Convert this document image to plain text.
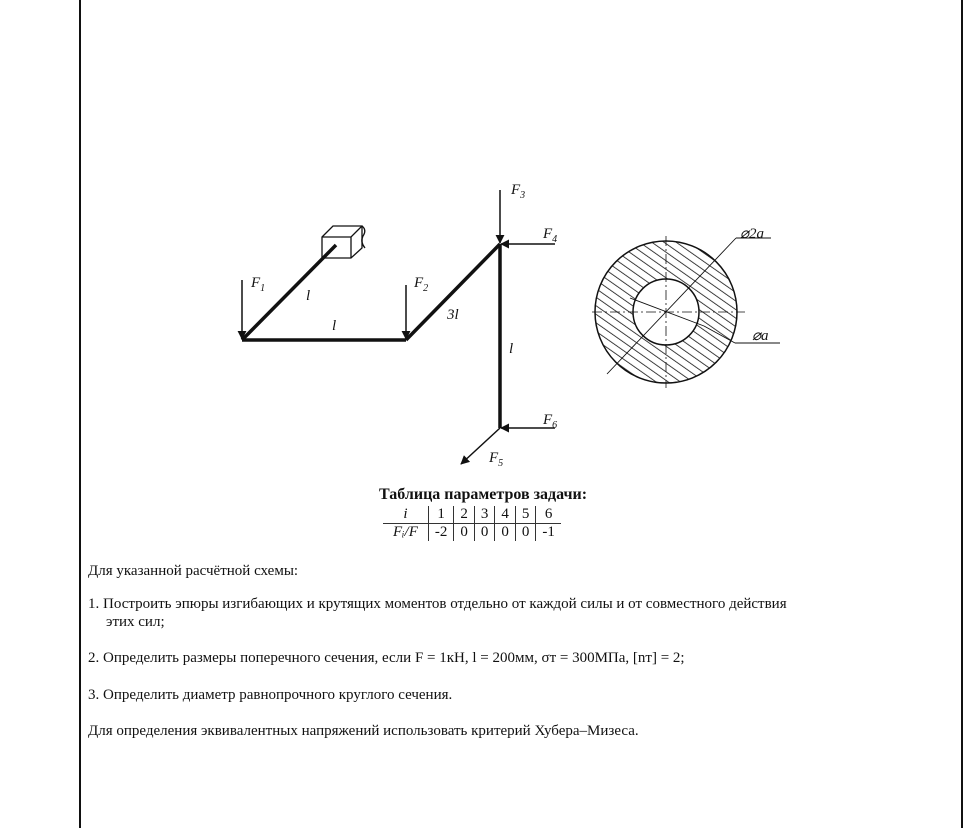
$F_1$	$F_2$
$F_3$
$F_4$
$F_5$
$F_6$
l
l
3l
l
⌀2a
⌀a
Таблица параметров задачи:
i	1	2	3	4	5	6
Fᵢ/F	-2	0	0	0	0	-1
Для указанной расчётной схемы:
1. Построить эпюры изгибающих и крутящих моментов отдельно от каждой силы и от совместного действия
этих сил;
2. Определить размеры поперечного сечения, если F = 1кН, l = 200мм, σт = 300МПа, [nт] = 2;
3. Определить диаметр равнопрочного круглого сечения.
Для определения эквивалентных напряжений использовать критерий Хубера–Мизеса.
